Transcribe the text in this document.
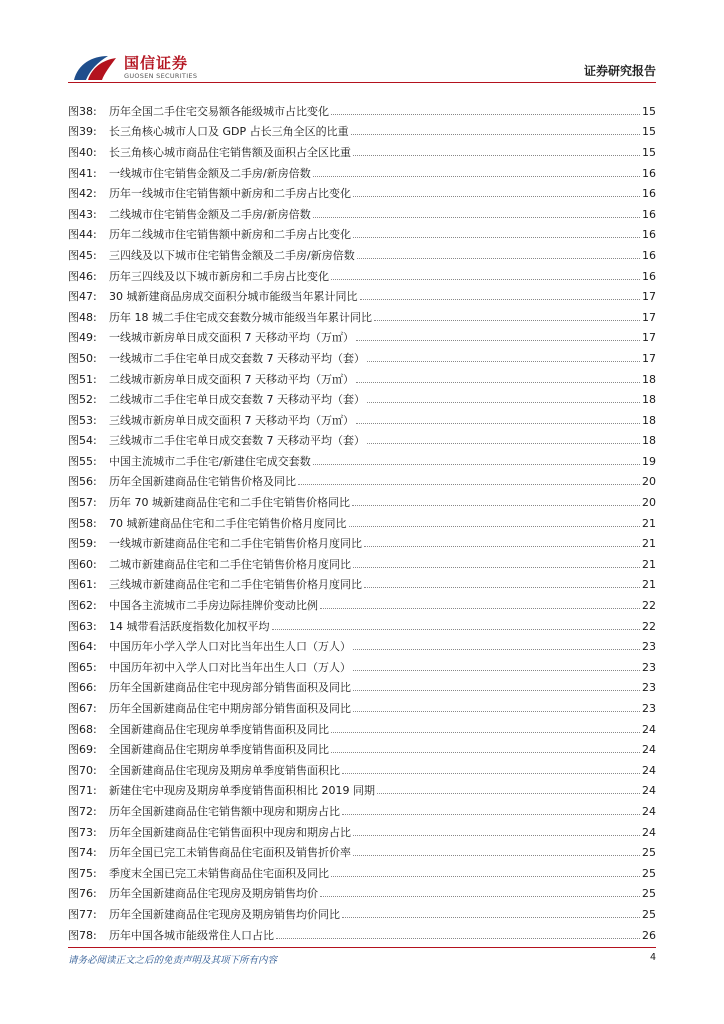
国信证券
GUOSEN SECURITIES	证券研究报告
图38:	历年全国二手住宅交易额各能级城市占比变化	15
图39:	长三角核心城市人口及 GDP 占长三角全区的比重	15
图40:	长三角核心城市商品住宅销售额及面积占全区比重	15
图41:	一线城市住宅销售金额及二手房/新房倍数	16
图42:	历年一线城市住宅销售额中新房和二手房占比变化	16
图43:	二线城市住宅销售金额及二手房/新房倍数	16
图44:	历年二线城市住宅销售额中新房和二手房占比变化	16
图45:	三四线及以下城市住宅销售金额及二手房/新房倍数	16
图46:	历年三四线及以下城市新房和二手房占比变化	16
图47:	30 城新建商品房成交面积分城市能级当年累计同比	17
图48:	历年 18 城二手住宅成交套数分城市能级当年累计同比	17
图49:	一线城市新房单日成交面积 7 天移动平均（万㎡）	17
图50:	一线城市二手住宅单日成交套数 7 天移动平均（套）	17
图51:	二线城市新房单日成交面积 7 天移动平均（万㎡）	18
图52:	二线城市二手住宅单日成交套数 7 天移动平均（套）	18
图53:	三线城市新房单日成交面积 7 天移动平均（万㎡）	18
图54:	三线城市二手住宅单日成交套数 7 天移动平均（套）	18
图55:	中国主流城市二手住宅/新建住宅成交套数	19
图56:	历年全国新建商品住宅销售价格及同比	20
图57:	历年 70 城新建商品住宅和二手住宅销售价格同比	20
图58:	70 城新建商品住宅和二手住宅销售价格月度同比	21
图59:	一线城市新建商品住宅和二手住宅销售价格月度同比	21
图60:	二城市新建商品住宅和二手住宅销售价格月度同比	21
图61:	三线城市新建商品住宅和二手住宅销售价格月度同比	21
图62:	中国各主流城市二手房边际挂牌价变动比例	22
图63:	14 城带看活跃度指数化加权平均	22
图64:	中国历年小学入学人口对比当年出生人口（万人）	23
图65:	中国历年初中入学人口对比当年出生人口（万人）	23
图66:	历年全国新建商品住宅中现房部分销售面积及同比	23
图67:	历年全国新建商品住宅中期房部分销售面积及同比	23
图68:	全国新建商品住宅现房单季度销售面积及同比	24
图69:	全国新建商品住宅期房单季度销售面积及同比	24
图70:	全国新建商品住宅现房及期房单季度销售面积比	24
图71:	新建住宅中现房及期房单季度销售面积相比 2019 同期	24
图72:	历年全国新建商品住宅销售额中现房和期房占比	24
图73:	历年全国新建商品住宅销售面积中现房和期房占比	24
图74:	历年全国已完工未销售商品住宅面积及销售折价率	25
图75:	季度末全国已完工未销售商品住宅面积及同比	25
图76:	历年全国新建商品住宅现房及期房销售均价	25
图77:	历年全国新建商品住宅现房及期房销售均价同比	25
图78:	历年中国各城市能级常住人口占比	26
请务必阅读正文之后的免责声明及其项下所有内容	4
